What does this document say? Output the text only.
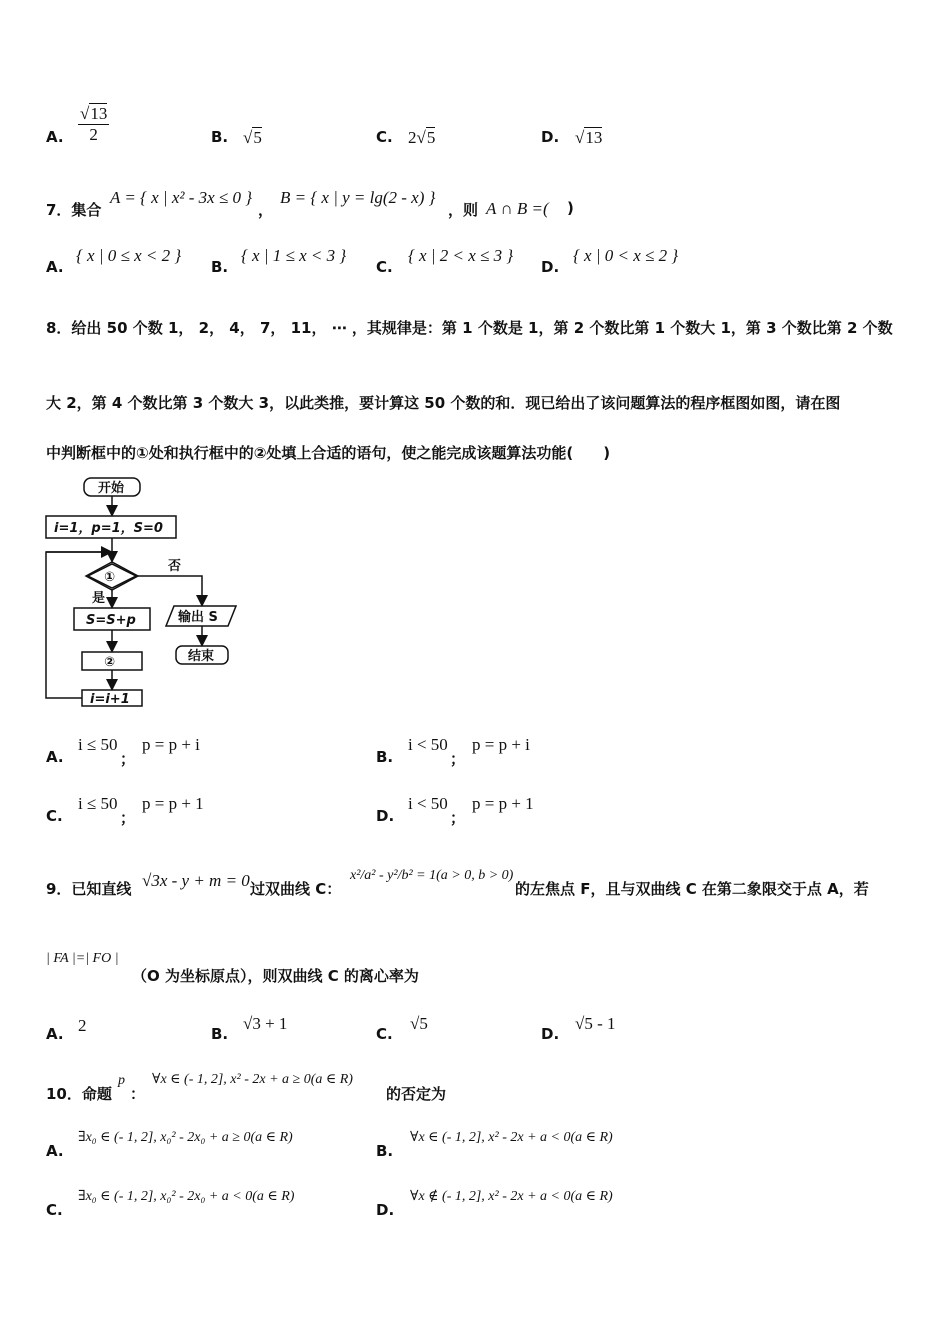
A. $\frac{√13}{2}$	B. √5	C. 2√5	D. √13
7．集合
A = { x | x² - 3x ≤ 0 }
，
B = { x | y = lg(2 - x) }
，则 A ∩ B =( )
A.
{ x | 0 ≤ x < 2 }
B.
{ x | 1 ≤ x < 3 }
C.
{ x | 2 < x ≤ 3 }
D.
{ x | 0 < x ≤ 2 }
8．给出 50 个数 1， 2， 4， 7， 11， ⋯ ，其规律是：第 1 个数是 1，第 2 个数比第 1 个数大 1，第 3 个数比第 2 个数
大 2，第 4 个数比第 3 个数大 3，以此类推，要计算这 50 个数的和．现已给出了该问题算法的程序框图如图，请在图
中判断框中的①处和执行框中的②处填上合适的语句，使之能完成该题算法功能(　　)
开始
i=1，p=1，S=0
①
否
是
S=S+p
②
i=i+1
输出 S
结束
A.
i ≤ 50
；
p = p + i
B.
i < 50
；
p = p + i
C.
i ≤ 50
；
p = p + 1
D.
i < 50
；
p = p + 1
9．已知直线 √3x - y + m = 0 过双曲线 C：
x²/a² - y²/b² = 1(a > 0, b > 0)
的左焦点 F，且与双曲线 C 在第二象限交于点 A，若
| FA |=| FO |
（O 为坐标原点），则双曲线 C 的离心率为
A. 2	B.
√3 + 1
C.
√5
D.
√5 - 1
10．命题
p
：
∀x ∈ (- 1, 2], x² - 2x + a ≥ 0(a ∈ R)
的否定为
A.
∃x₀ ∈ (- 1, 2], x₀² - 2x₀ + a ≥ 0(a ∈ R)
B.
∀x ∈ (- 1, 2], x² - 2x + a < 0(a ∈ R)
C.
∃x₀ ∈ (- 1, 2], x₀² - 2x₀ + a < 0(a ∈ R)
D.
∀x ∉ (- 1, 2], x² - 2x + a < 0(a ∈ R)
